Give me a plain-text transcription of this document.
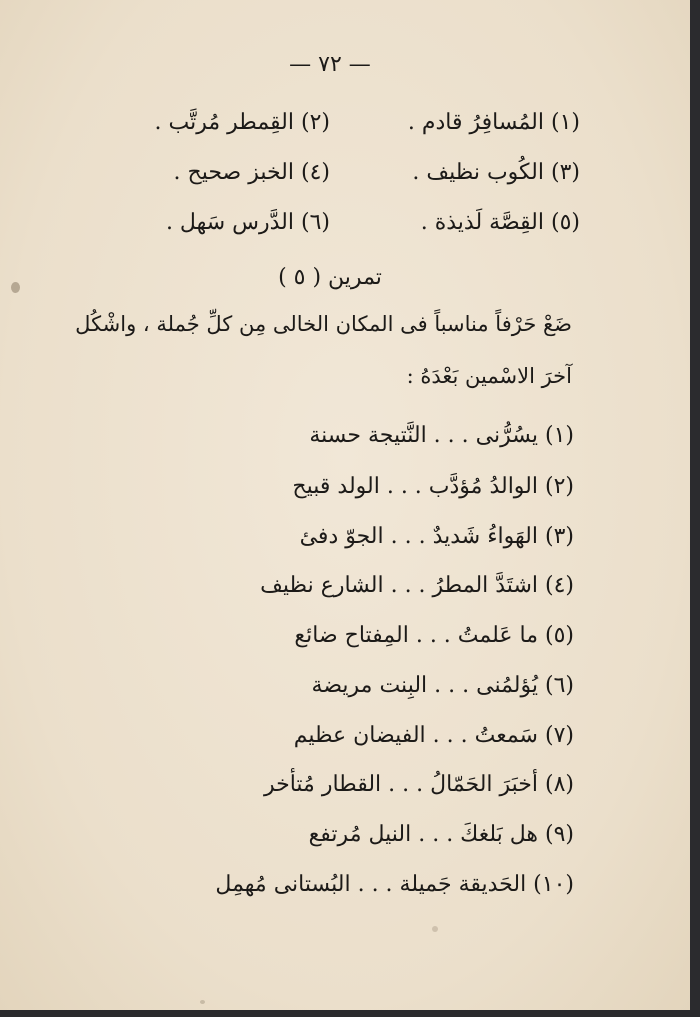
— ٧٢ —

(١) المُسافِرُ قادم .

(٢) القِمطر مُرتَّب .

(٣) الكُوب نظيف .

(٤) الخبز صحيح .

(٥) القِصَّة لَذيذة .

(٦) الدَّرس سَهل .

تمرين ( ٥ )

ضَعْ حَرْفاً مناسباً فى المكان الخالى مِن كلِّ جُملة ، واشْكُل

آخرَ الاسْمين بَعْدَهُ :

(١) يسُرُّنى . . . النَّتيجة حسنة

(٢) الوالدُ مُؤدَّب . . . الولد قبيح

(٣) الهَواءُ شَديدٌ . . . الجوّ دفئ

(٤) اشتَدَّ المطرُ . . . الشارع نظيف

(٥) ما عَلمتُ . . . المِفتاح ضائع

(٦) يُؤلمُنى . . . البِنت مريضة

(٧) سَمعتُ . . . الفيضان عظيم

(٨) أخبَرَ الحَمّالُ . . . القطار مُتأخر

(٩) هل بَلغكَ . . . النيل مُرتفع

(١٠) الحَديقة جَميلة . . . البُستانى مُهمِل
